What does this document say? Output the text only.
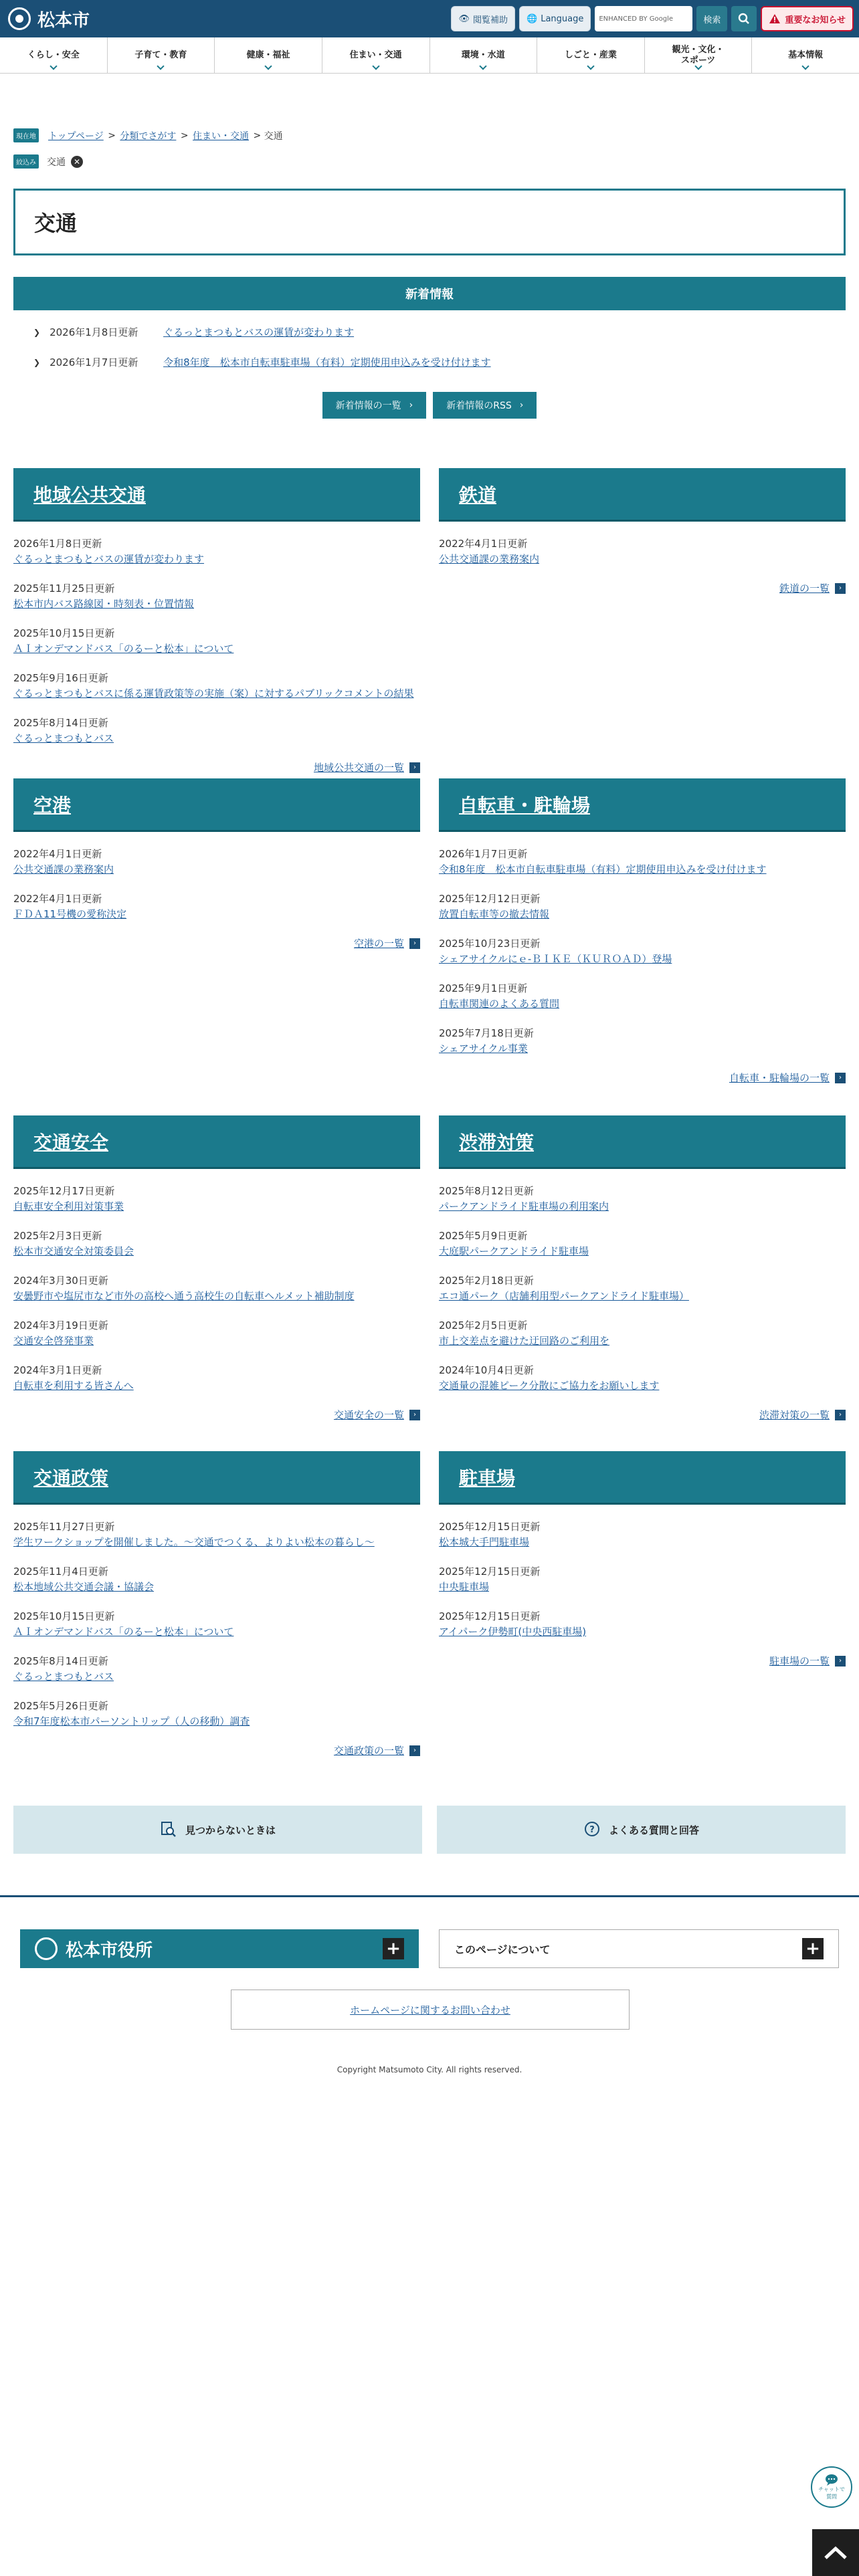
松本市	👁 閲覧補助 🌐 Language ENHANCED BY Google	検索	重要なお知らせ
くらし・安全	子育て・教育	健康・福祉	住まい・交通	環境・水道	しごと・産業
観光・文化・
スポーツ
基本情報
現在地 トップページ > 分類でさがす > 住まい・交通 > 交通
絞込み 交通 ✕
交通
新着情報
❯ 2026年1月8日更新	ぐるっとまつもとバスの運賃が変わります
❯ 2026年1月7日更新	令和8年度　松本市自転車駐車場（有料）定期使用申込みを受け付けます
新着情報の一覧 ›	新着情報のRSS ›
地域公共交通
2026年1月8日更新
ぐるっとまつもとバスの運賃が変わります
2025年11月25日更新
松本市内バス路線図・時刻表・位置情報
2025年10月15日更新
ＡＩオンデマンドバス「のるーと松本」について
2025年9月16日更新
ぐるっとまつもとバスに係る運賃政策等の実施（案）に対するパブリックコメントの結果
2025年8月14日更新
ぐるっとまつもとバス
地域公共交通の一覧	›
鉄道
2022年4月1日更新
公共交通課の業務案内
鉄道の一覧	›
空港
2022年4月1日更新
公共交通課の業務案内
2022年4月1日更新
ＦＤＡ11号機の愛称決定
空港の一覧	›
自転車・駐輪場
2026年1月7日更新
令和8年度　松本市自転車駐車場（有料）定期使用申込みを受け付けます
2025年12月12日更新
放置自転車等の撤去情報
2025年10月23日更新
シェアサイクルにｅ-ＢＩＫＥ（ＫＵＲＯＡＤ）登場
2025年9月1日更新
自転車関連のよくある質問
2025年7月18日更新
シェアサイクル事業
自転車・駐輪場の一覧	›
交通安全
2025年12月17日更新
自転車安全利用対策事業
2025年2月3日更新
松本市交通安全対策委員会
2024年3月30日更新
安曇野市や塩尻市など市外の高校へ通う高校生の自転車ヘルメット補助制度
2024年3月19日更新
交通安全啓発事業
2024年3月1日更新
自転車を利用する皆さんへ
交通安全の一覧	›
渋滞対策
2025年8月12日更新
パークアンドライド駐車場の利用案内
2025年5月9日更新
大庭駅パークアンドライド駐車場
2025年2月18日更新
エコ通パーク（店舗利用型パークアンドライド駐車場）
2025年2月5日更新
市上交差点を避けた迂回路のご利用を
2024年10月4日更新
交通量の混雑ピーク分散にご協力をお願いします
渋滞対策の一覧	›
交通政策
2025年11月27日更新
学生ワークショップを開催しました。～交通でつくる、よりよい松本の暮らし～
2025年11月4日更新
松本地域公共交通会議・協議会
2025年10月15日更新
ＡＩオンデマンドバス「のるーと松本」について
2025年8月14日更新
ぐるっとまつもとバス
2025年5月26日更新
令和7年度松本市パーソントリップ（人の移動）調査
交通政策の一覧	›
駐車場
2025年12月15日更新
松本城大手門駐車場
2025年12月15日更新
中央駐車場
2025年12月15日更新
アイパーク伊勢町(中央西駐車場)
駐車場の一覧	›
見つからないときは	? よくある質問と回答
松本市役所	+	このページについて	+
ホームページに関するお問い合わせ
Copyright Matsumoto City. All rights reserved.
チャットで
質問
